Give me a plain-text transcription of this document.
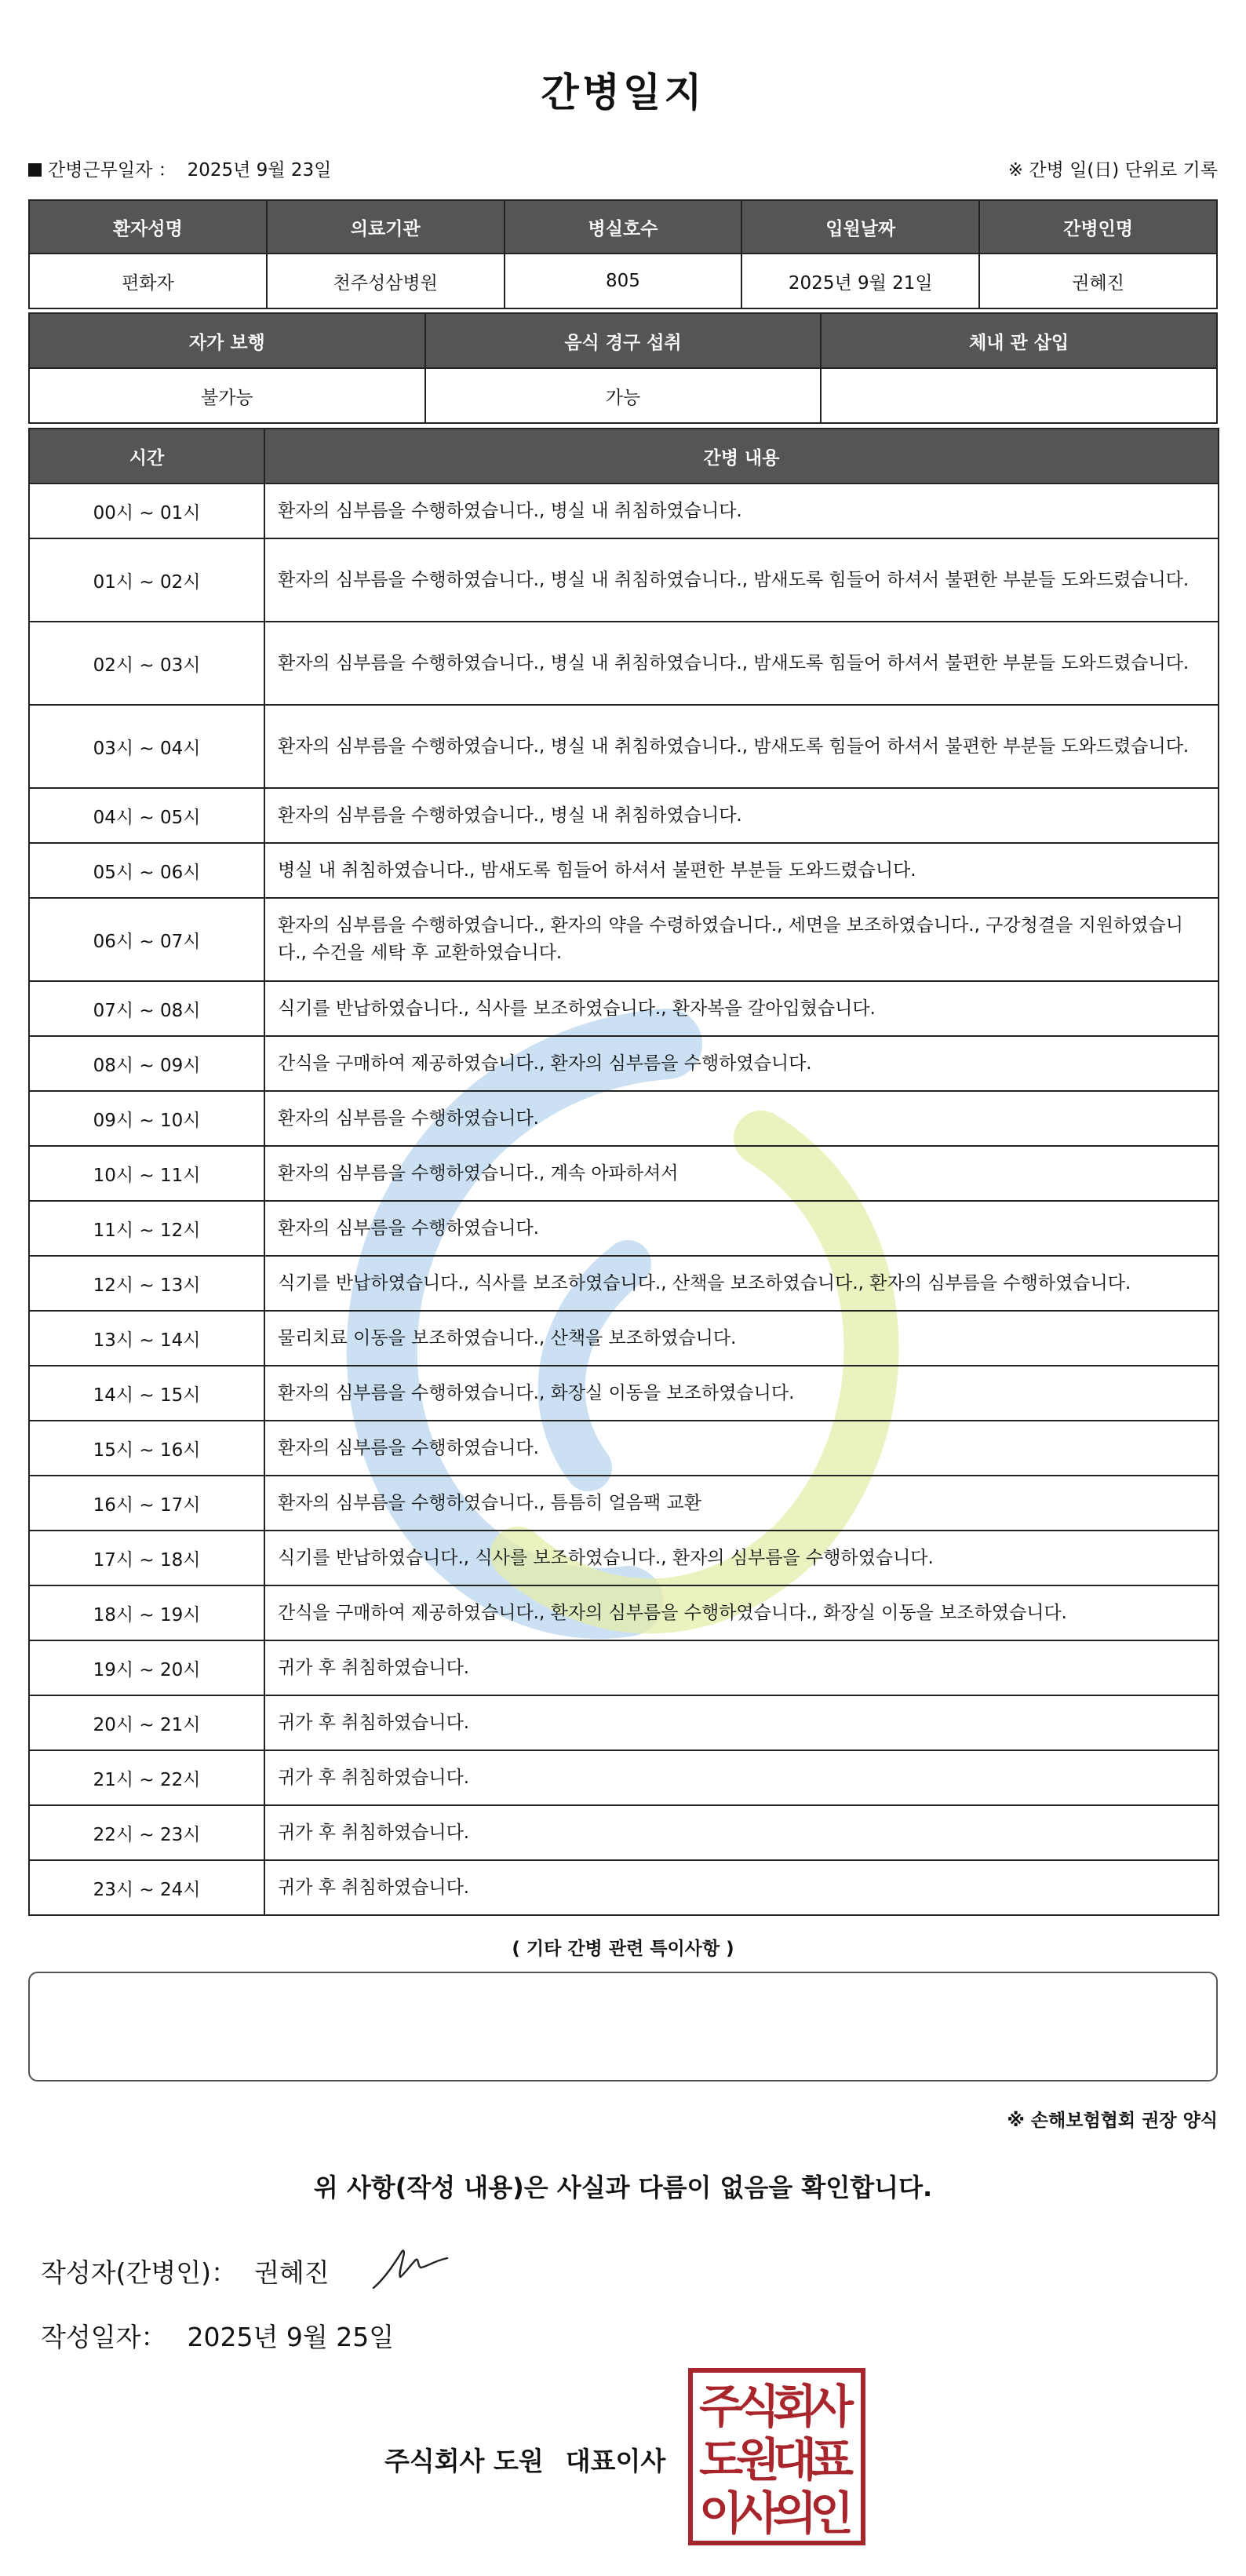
간병일지
간병근무일자 ： 2025년 9월 23일	※ 간병 일(日) 단위로 기록
환자성명	의료기관	병실호수	입원날짜	간병인명
편화자	천주성삼병원	805	2025년 9월 21일	권혜진
자가 보행	음식 경구 섭취	체내 관 삽입
불가능	가능	
시간	간병 내용
00시 ~ 01시	환자의 심부름을 수행하였습니다., 병실 내 취침하였습니다.
01시 ~ 02시	환자의 심부름을 수행하였습니다., 병실 내 취침하였습니다., 밤새도록 힘들어 하셔서 불편한 부분들 도와드렸습니다.
02시 ~ 03시	환자의 심부름을 수행하였습니다., 병실 내 취침하였습니다., 밤새도록 힘들어 하셔서 불편한 부분들 도와드렸습니다.
03시 ~ 04시	환자의 심부름을 수행하였습니다., 병실 내 취침하였습니다., 밤새도록 힘들어 하셔서 불편한 부분들 도와드렸습니다.
04시 ~ 05시	환자의 심부름을 수행하였습니다., 병실 내 취침하였습니다.
05시 ~ 06시	병실 내 취침하였습니다., 밤새도록 힘들어 하셔서 불편한 부분들 도와드렸습니다.
06시 ~ 07시	환자의 심부름을 수행하였습니다., 환자의 약을 수령하였습니다., 세면을 보조하였습니다., 구강청결을 지원하였습니다., 수건을 세탁 후 교환하였습니다.
07시 ~ 08시	식기를 반납하였습니다., 식사를 보조하였습니다., 환자복을 갈아입혔습니다.
08시 ~ 09시	간식을 구매하여 제공하였습니다., 환자의 심부름을 수행하였습니다.
09시 ~ 10시	환자의 심부름을 수행하였습니다.
10시 ~ 11시	환자의 심부름을 수행하였습니다., 계속 아파하셔서
11시 ~ 12시	환자의 심부름을 수행하였습니다.
12시 ~ 13시	식기를 반납하였습니다., 식사를 보조하였습니다., 산책을 보조하였습니다., 환자의 심부름을 수행하였습니다.
13시 ~ 14시	물리치료 이동을 보조하였습니다., 산책을 보조하였습니다.
14시 ~ 15시	환자의 심부름을 수행하였습니다., 화장실 이동을 보조하였습니다.
15시 ~ 16시	환자의 심부름을 수행하였습니다.
16시 ~ 17시	환자의 심부름을 수행하였습니다., 틈틈히 얼음팩 교환
17시 ~ 18시	식기를 반납하였습니다., 식사를 보조하였습니다., 환자의 심부름을 수행하였습니다.
18시 ~ 19시	간식을 구매하여 제공하였습니다., 환자의 심부름을 수행하였습니다., 화장실 이동을 보조하였습니다.
19시 ~ 20시	귀가 후 취침하였습니다.
20시 ~ 21시	귀가 후 취침하였습니다.
21시 ~ 22시	귀가 후 취침하였습니다.
22시 ~ 23시	귀가 후 취침하였습니다.
23시 ~ 24시	귀가 후 취침하였습니다.
( 기타 간병 관련 특이사항 )
※ 손해보험협회 권장 양식
위 사항(작성 내용)은 사실과 다름이 없음을 확인합니다.
작성자(간병인)： 권혜진
작성일자： 2025년 9월 25일
주식회사 도원 대표이사
주
식
회
사
도
원
대
표
이
사
의
인
